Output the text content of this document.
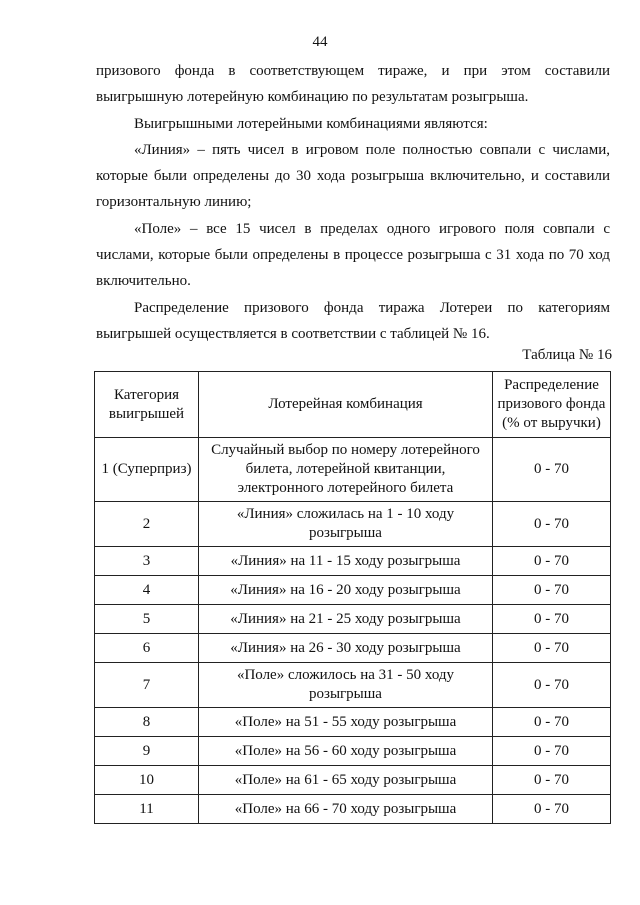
44

призового фонда в соответствующем тираже, и при этом составили выигрышную лотерейную комбинацию по результатам розыгрыша.

Выигрышными лотерейными комбинациями являются:

«Линия» – пять чисел в игровом поле полностью совпали с числами, которые были определены до 30 хода розыгрыша включительно, и составили горизонтальную линию;

«Поле» – все 15 чисел в пределах одного игрового поля совпали с числами, которые были определены в процессе розыгрыша с 31 хода по 70 ход включительно.

Распределение призового фонда тиража Лотереи по категориям выигрышей осуществляется в соответствии с таблицей № 16.

Таблица № 16
Категория выигрышей	Лотерейная комбинация	Распределение призового фонда (% от выручки)
1 (Суперприз)	Случайный выбор по номеру лотерейного билета, лотерейной квитанции, электронного лотерейного билета	0 - 70
2	«Линия» сложилась на 1 - 10 ходу розыгрыша	0 - 70
3	«Линия» на 11 - 15 ходу розыгрыша	0 - 70
4	«Линия» на 16 - 20 ходу розыгрыша	0 - 70
5	«Линия» на 21 - 25 ходу розыгрыша	0 - 70
6	«Линия» на 26 - 30 ходу розыгрыша	0 - 70
7	«Поле» сложилось на 31 - 50 ходу розыгрыша	0 - 70
8	«Поле» на 51 - 55 ходу розыгрыша	0 - 70
9	«Поле» на 56 - 60 ходу розыгрыша	0 - 70
10	«Поле» на 61 - 65 ходу розыгрыша	0 - 70
11	«Поле» на 66 - 70 ходу розыгрыша	0 - 70
